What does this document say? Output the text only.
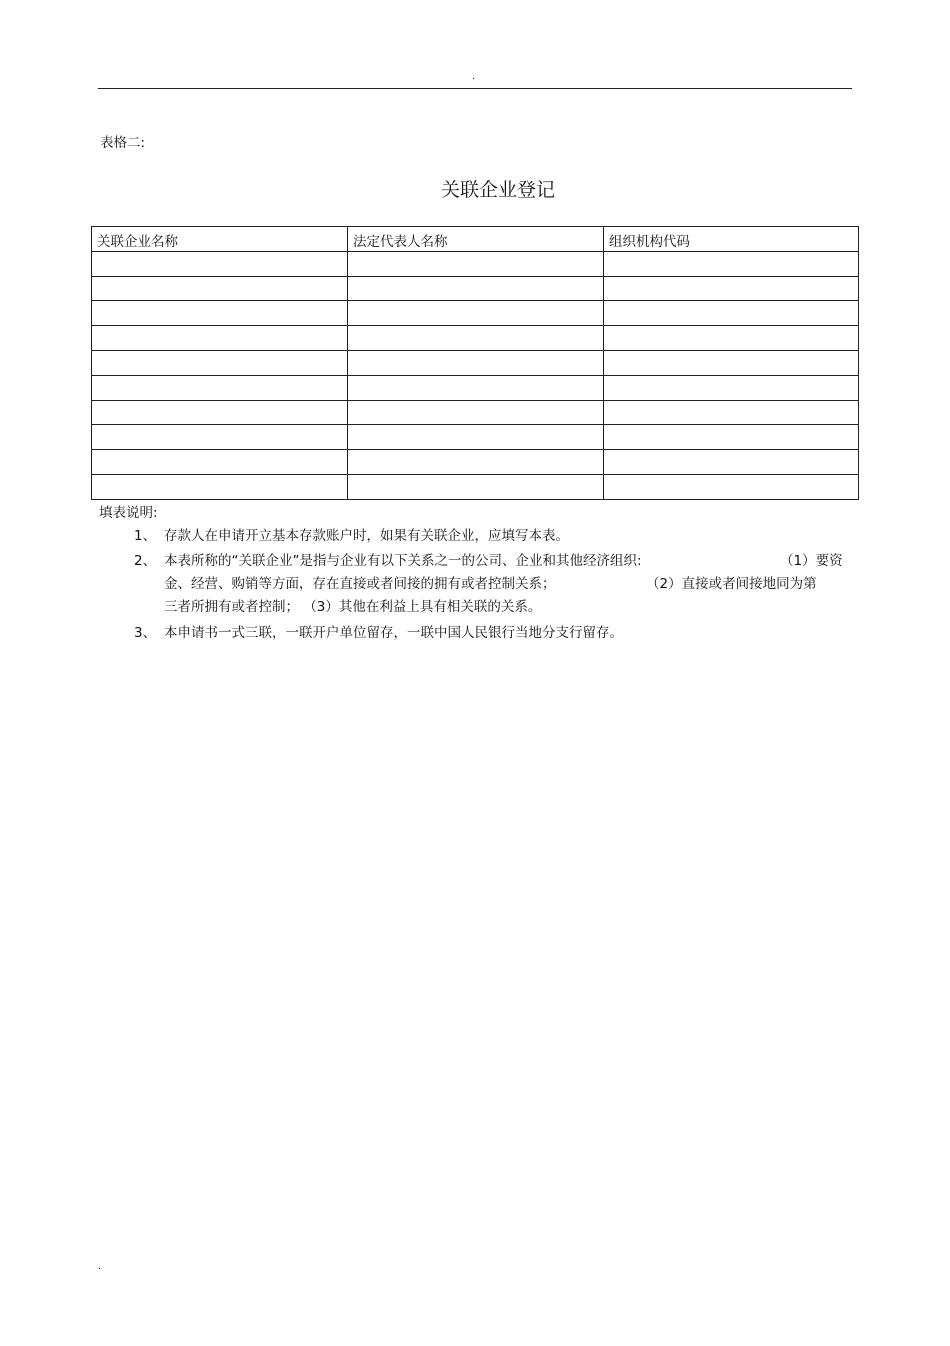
.
表格二:
关联企业登记
关联企业名称	法定代表人名称	组织机构代码

填表说明:
1、 存款人在申请开立基本存款账户时，如果有关联企业，应填写本表。
2、 本表所称的“关联企业”是指与企业有以下关系之一的公司、企业和其他经济组织:	（1）要资
金、经营、购销等方面，存在直接或者间接的拥有或者控制关系；	（2）直接或者间接地同为第
三者所拥有或者控制； （3）其他在利益上具有相关联的关系。
3、 本申请书一式三联，一联开户单位留存，一联中国人民银行当地分支行留存。
.
